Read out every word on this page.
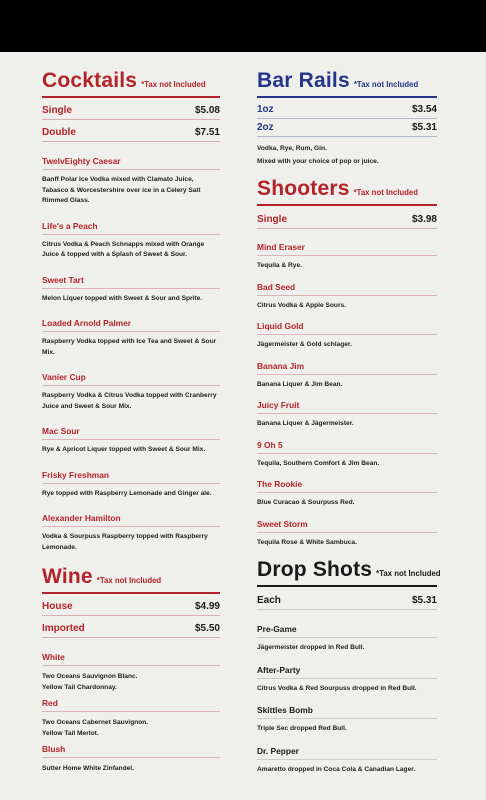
Cocktails *Tax not Included
Single	$5.08
Double	$7.51
TwelvEighty Caesar
Banff Polar Ice Vodka mixed with Clamato Juice, Tabasco & Worcestershire over ice in a Celery Salt Rimmed Glass.
Life's a Peach
Citrus Vodka & Peach Schnapps mixed with Orange Juice & topped with a Splash of Sweet & Sour.
Sweet Tart
Melon Liquer topped with Sweet & Sour and Sprite.
Loaded Arnold Palmer
Raspberry Vodka topped with Ice Tea and Sweet & Sour Mix.
Vanier Cup
Raspberry Vodka & Citrus Vodka topped with Cranberry Juice and Sweet & Sour Mix.
Mac Sour
Rye & Apricot Liquer topped with Sweet & Sour Mix.
Frisky Freshman
Rye topped with Raspberry Lemonade and Ginger ale.
Alexander Hamilton
Vodka & Sourpuss Raspberry topped with Raspberry Lemonade.
Wine *Tax not Included
House	$4.99
Imported	$5.50
White
Two Oceans Sauvignon Blanc.
Yellow Tail Chardonnay.
Red
Two Oceans Cabernet Sauvignon.
Yellow Tail Merlot.
Blush
Sutter Home White Zinfandel.
Bar Rails *Tax not Included
1oz	$3.54
2oz	$5.31
Vodka, Rye, Rum, Gin.
Mixed with your choice of pop or juice.
Shooters *Tax not Included
Single	$3.98
Mind Eraser
Tequila & Rye.
Bad Seed
Citrus Vodka & Apple Sours.
Liquid Gold
Jägermeister & Gold schlager.
Banana Jim
Banana Liquer & Jim Bean.
Juicy Fruit
Banana Liquer & Jägermeister.
9 Oh 5
Tequila, Southern Comfort & Jim Bean.
The Rookie
Blue Curacao & Sourpuss Red.
Sweet Storm
Tequila Rose & White Sambuca.
Drop Shots *Tax not Included
Each	$5.31
Pre-Game
Jägermeister dropped in Red Bull.
After-Party
Citrus Vodka & Red Sourpuss dropped in Red Bull.
Skittles Bomb
Triple Sec dropped Red Bull.
Dr. Pepper
Amaretto dropped in Coca Cola & Canadian Lager.
